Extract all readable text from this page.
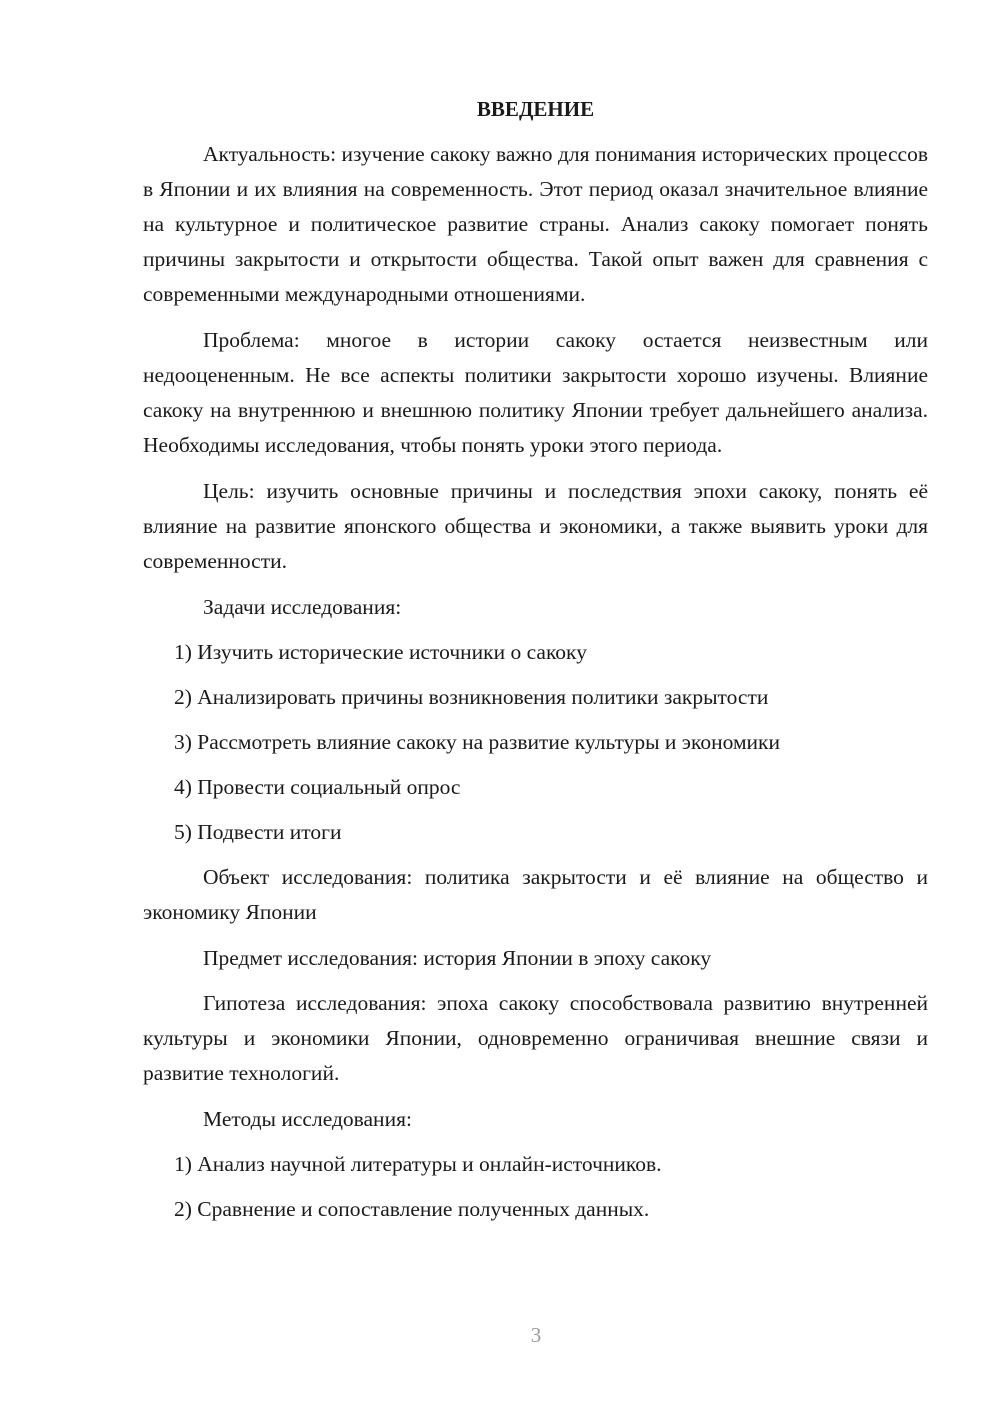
ВВЕДЕНИЕ

Актуальность: изучение сакоку важно для понимания исторических процессов в Японии и их влияния на современность. Этот период оказал значительное влияние на культурное и политическое развитие страны. Анализ сакоку помогает понять причины закрытости и открытости общества. Такой опыт важен для сравнения с современными международными отношениями.

Проблема: многое в истории сакоку остается неизвестным или недооцененным. Не все аспекты политики закрытости хорошо изучены. Влияние сакоку на внутреннюю и внешнюю политику Японии требует дальнейшего анализа. Необходимы исследования, чтобы понять уроки этого периода.

Цель: изучить основные причины и последствия эпохи сакоку, понять её влияние на развитие японского общества и экономики, а также выявить уроки для современности.

Задачи исследования:

1) Изучить исторические источники о сакоку

2) Анализировать причины возникновения политики закрытости

3) Рассмотреть влияние сакоку на развитие культуры и экономики

4) Провести социальный опрос

5) Подвести итоги

Объект исследования: политика закрытости и её влияние на общество и экономику Японии

Предмет исследования: история Японии в эпоху сакоку

Гипотеза исследования: эпоха сакоку способствовала развитию внутренней культуры и экономики Японии, одновременно ограничивая внешние связи и развитие технологий.

Методы исследования:

1) Анализ научной литературы и онлайн-источников.

2) Сравнение и сопоставление полученных данных.

3
